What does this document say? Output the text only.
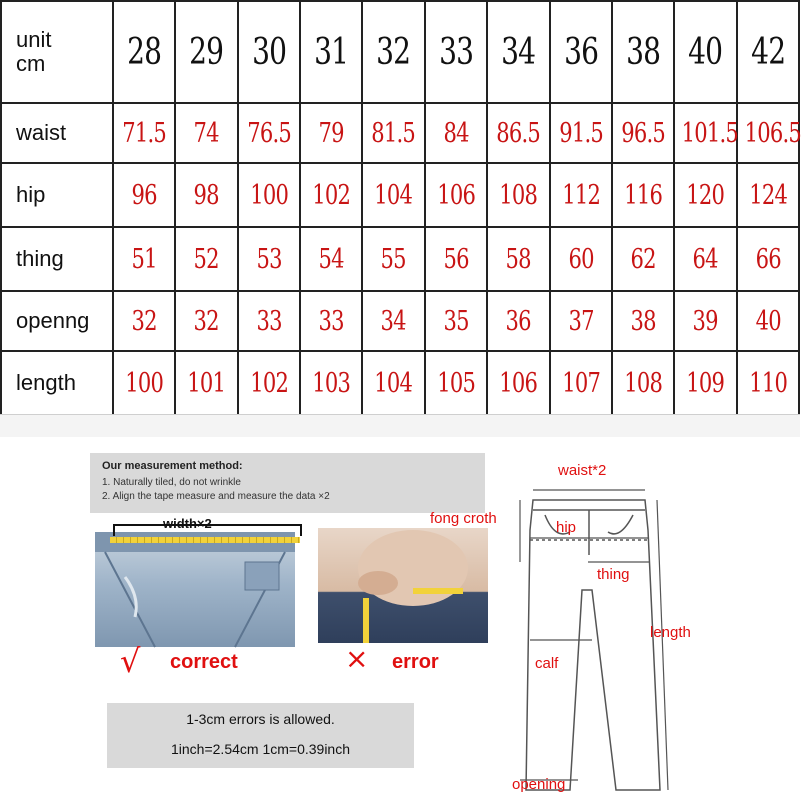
unit
cm	28	29	30	31	32	33	34	36	38	40	42
waist	71.5	74	76.5	79	81.5	84	86.5	91.5	96.5	101.5	106.5
hip	96	98	100	102	104	106	108	112	116	120	124
thing	51	52	53	54	55	56	58	60	62	64	66
openng	32	32	33	33	34	35	36	37	38	39	40
length	100	101	102	103	104	105	106	107	108	109	110
Our measurement method:
1. Naturally tiled, do not wrinkle
2. Align the tape measure and measure the data ×2
width×2
√ correct	× error
1-3cm errors is allowed.
1inch=2.54cm 1cm=0.39inch
waist*2
fong croth
hip
thing
length
calf
opening
